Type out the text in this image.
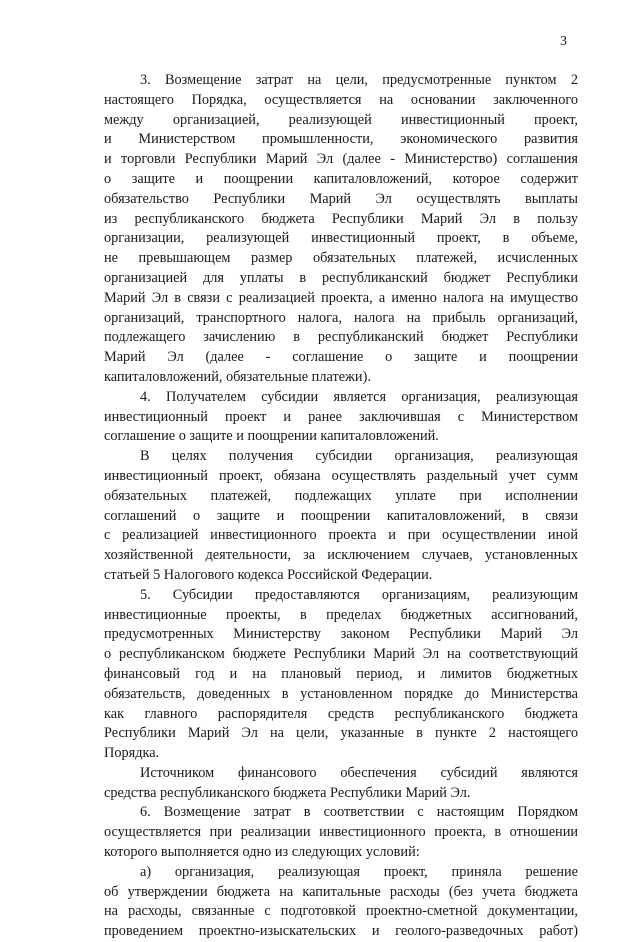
3
3. Возмещение затрат на цели, предусмотренные пунктом 2
настоящего Порядка, осуществляется на основании заключенного
между организацией, реализующей инвестиционный проект,
и Министерством промышленности, экономического развития
и торговли Республики Марий Эл (далее - Министерство) соглашения
о защите и поощрении капиталовложений, которое содержит
обязательство Республики Марий Эл осуществлять выплаты
из республиканского бюджета Республики Марий Эл в пользу
организации, реализующей инвестиционный проект, в объеме,
не превышающем размер обязательных платежей, исчисленных
организацией для уплаты в республиканский бюджет Республики
Марий Эл в связи с реализацией проекта, а именно налога на имущество
организаций, транспортного налога, налога на прибыль организаций,
подлежащего зачислению в республиканский бюджет Республики
Марий Эл (далее - соглашение о защите и поощрении
капиталовложений, обязательные платежи).
4. Получателем субсидии является организация, реализующая
инвестиционный проект и ранее заключившая с Министерством
соглашение о защите и поощрении капиталовложений.
В целях получения субсидии организация, реализующая
инвестиционный проект, обязана осуществлять раздельный учет сумм
обязательных платежей, подлежащих уплате при исполнении
соглашений о защите и поощрении капиталовложений, в связи
с реализацией инвестиционного проекта и при осуществлении иной
хозяйственной деятельности, за исключением случаев, установленных
статьей 5 Налогового кодекса Российской Федерации.
5. Субсидии предоставляются организациям, реализующим
инвестиционные проекты, в пределах бюджетных ассигнований,
предусмотренных Министерству законом Республики Марий Эл
о республиканском бюджете Республики Марий Эл на соответствующий
финансовый год и на плановый период, и лимитов бюджетных
обязательств, доведенных в установленном порядке до Министерства
как главного распорядителя средств республиканского бюджета
Республики Марий Эл на цели, указанные в пункте 2 настоящего
Порядка.
Источником финансового обеспечения субсидий являются
средства республиканского бюджета Республики Марий Эл.
6. Возмещение затрат в соответствии с настоящим Порядком
осуществляется при реализации инвестиционного проекта, в отношении
которого выполняется одно из следующих условий:
а) организация, реализующая проект, приняла решение
об утверждении бюджета на капитальные расходы (без учета бюджета
на расходы, связанные с подготовкой проектно-сметной документации,
проведением проектно-изыскательских и геолого-разведочных работ)
